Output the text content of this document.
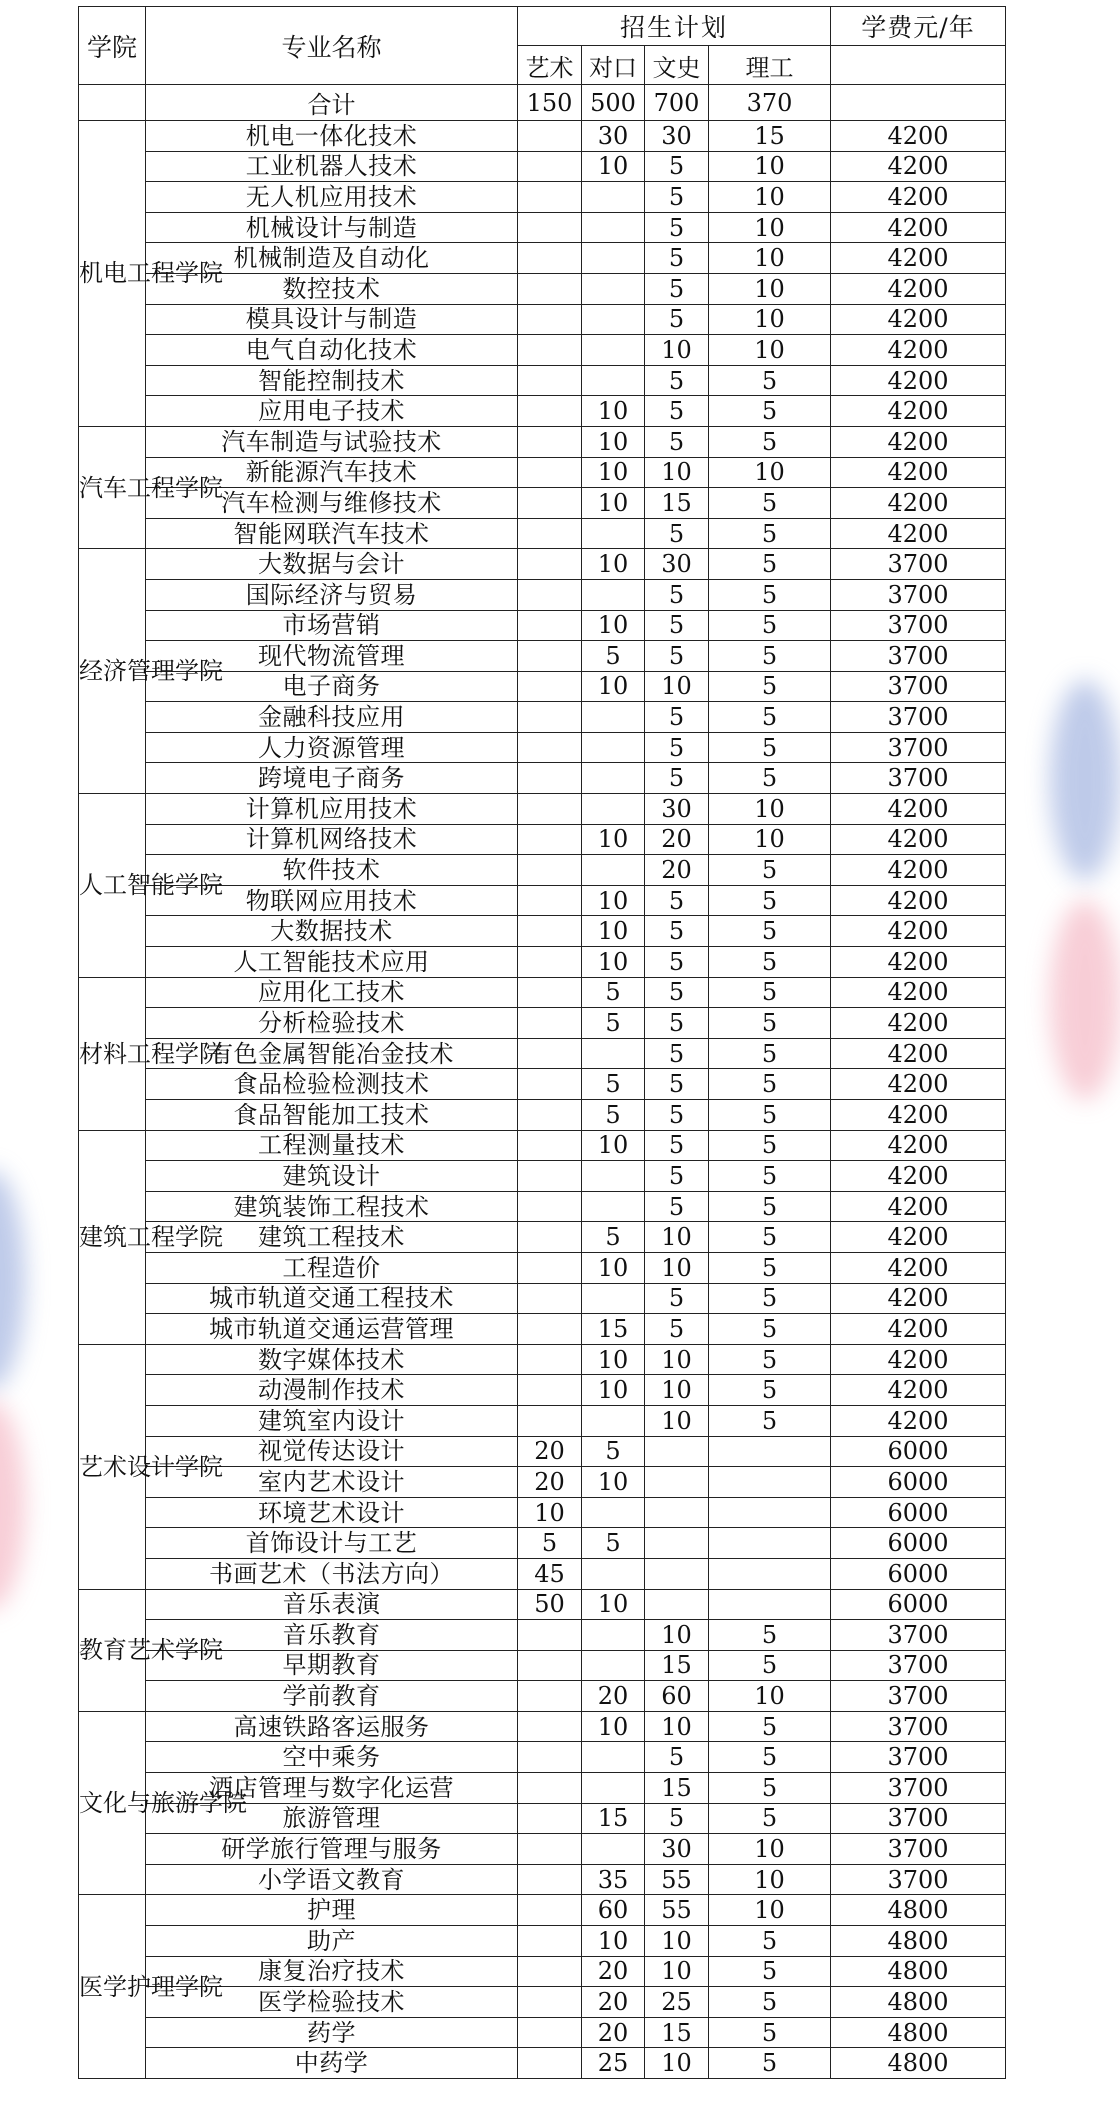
学院	专业名称	招生计划				学费元/年
		艺术	对口	文史	理工	
	合计	150	500	700	370	

机电工程学院	机电一体化技术		30	30	15	4200
	工业机器人技术		10	5	10	4200
	无人机应用技术			5	10	4200
	机械设计与制造			5	10	4200
	机械制造及自动化			5	10	4200
	数控技术			5	10	4200
	模具设计与制造			5	10	4200
	电气自动化技术			10	10	4200
	智能控制技术			5	5	4200
	应用电子技术		10	5	5	4200

汽车工程学院	汽车制造与试验技术		10	5	5	4200
	新能源汽车技术		10	10	10	4200
	汽车检测与维修技术		10	15	5	4200
	智能网联汽车技术			5	5	4200

经济管理学院	大数据与会计		10	30	5	3700
	国际经济与贸易			5	5	3700
	市场营销		10	5	5	3700
	现代物流管理		5	5	5	3700
	电子商务		10	10	5	3700
	金融科技应用			5	5	3700
	人力资源管理			5	5	3700
	跨境电子商务			5	5	3700

人工智能学院	计算机应用技术			30	10	4200
	计算机网络技术		10	20	10	4200
	软件技术			20	5	4200
	物联网应用技术		10	5	5	4200
	大数据技术		10	5	5	4200
	人工智能技术应用		10	5	5	4200

材料工程学院	应用化工技术		5	5	5	4200
	分析检验技术		5	5	5	4200
	有色金属智能冶金技术			5	5	4200
	食品检验检测技术		5	5	5	4200
	食品智能加工技术		5	5	5	4200

建筑工程学院	工程测量技术		10	5	5	4200
	建筑设计			5	5	4200
	建筑装饰工程技术			5	5	4200
	建筑工程技术		5	10	5	4200
	工程造价		10	10	5	4200
	城市轨道交通工程技术			5	5	4200
	城市轨道交通运营管理		15	5	5	4200

艺术设计学院	数字媒体技术		10	10	5	4200
	动漫制作技术		10	10	5	4200
	建筑室内设计			10	5	4200
	视觉传达设计	20	5			6000
	室内艺术设计	20	10			6000
	环境艺术设计	10				6000
	首饰设计与工艺	5	5			6000
	书画艺术（书法方向）	45				6000

教育艺术学院	音乐表演	50	10			6000
	音乐教育			10	5	3700
	早期教育			15	5	3700
	学前教育		20	60	10	3700

文化与旅游学院	高速铁路客运服务		10	10	5	3700
	空中乘务			5	5	3700
	酒店管理与数字化运营			15	5	3700
	旅游管理		15	5	5	3700
	研学旅行管理与服务			30	10	3700
	小学语文教育		35	55	10	3700

医学护理学院	护理		60	55	10	4800
	助产		10	10	5	4800
	康复治疗技术		20	10	5	4800
	医学检验技术		20	25	5	4800
	药学		20	15	5	4800
	中药学		25	10	5	4800
